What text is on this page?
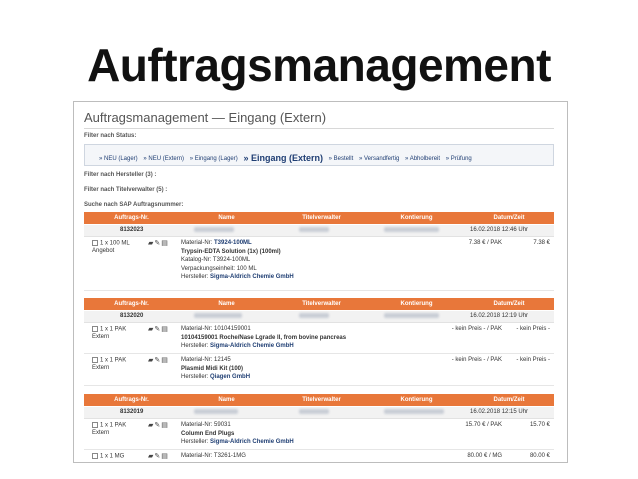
Auftragsmanagement
Auftragsmanagement — Eingang (Extern)
Filter nach Status:
» NEU (Lager) » NEU (Extern) » Eingang (Lager) » Eingang (Extern) » Bestellt » Versandfertig » Abholbereit » Prüfung
Filter nach Hersteller (3) :
Filter nach Titelverwalter (5) :
Suche nach SAP Auftragsnummer:
Auftrags-Nr.	Name	Titelverwalter	Kontierung	Datum/Zeit
8132023	16.02.2018 12:46 Uhr
1 x 100 ML
Angebot
▰✎▤ Material-Nr: T3924-100ML
Trypsin-EDTA Solution (1x) (100ml)
Katalog-Nr: T3924-100ML
Verpackungseinheit: 100 ML
Hersteller: Sigma-Aldrich Chemie GmbH
7.38 € / PAK	7.38 €
Auftrags-Nr.	Name	Titelverwalter	Kontierung	Datum/Zeit
8132020	16.02.2018 12:19 Uhr
1 x 1 PAK
Extern
▰✎▤ Material-Nr: 10104159001
10104159001 Roche/Nase Lgrade II, from bovine pancreas
Hersteller: Sigma-Aldrich Chemie GmbH
- kein Preis - / PAK	- kein Preis -
1 x 1 PAK
Extern
▰✎▤ Material-Nr: 12145
Plasmid Midi Kit (100)
Hersteller: Qiagen GmbH
- kein Preis - / PAK	- kein Preis -
Auftrags-Nr.	Name	Titelverwalter	Kontierung	Datum/Zeit
8132019	16.02.2018 12:15 Uhr
1 x 1 PAK
Extern
▰✎▤ Material-Nr: 59031
Column End Plugs
Hersteller: Sigma-Aldrich Chemie GmbH
15.70 € / PAK	15.70 €
1 x 1 MG	▰✎▤ Material-Nr: T3261-1MG	80.00 € / MG	80.00 €
